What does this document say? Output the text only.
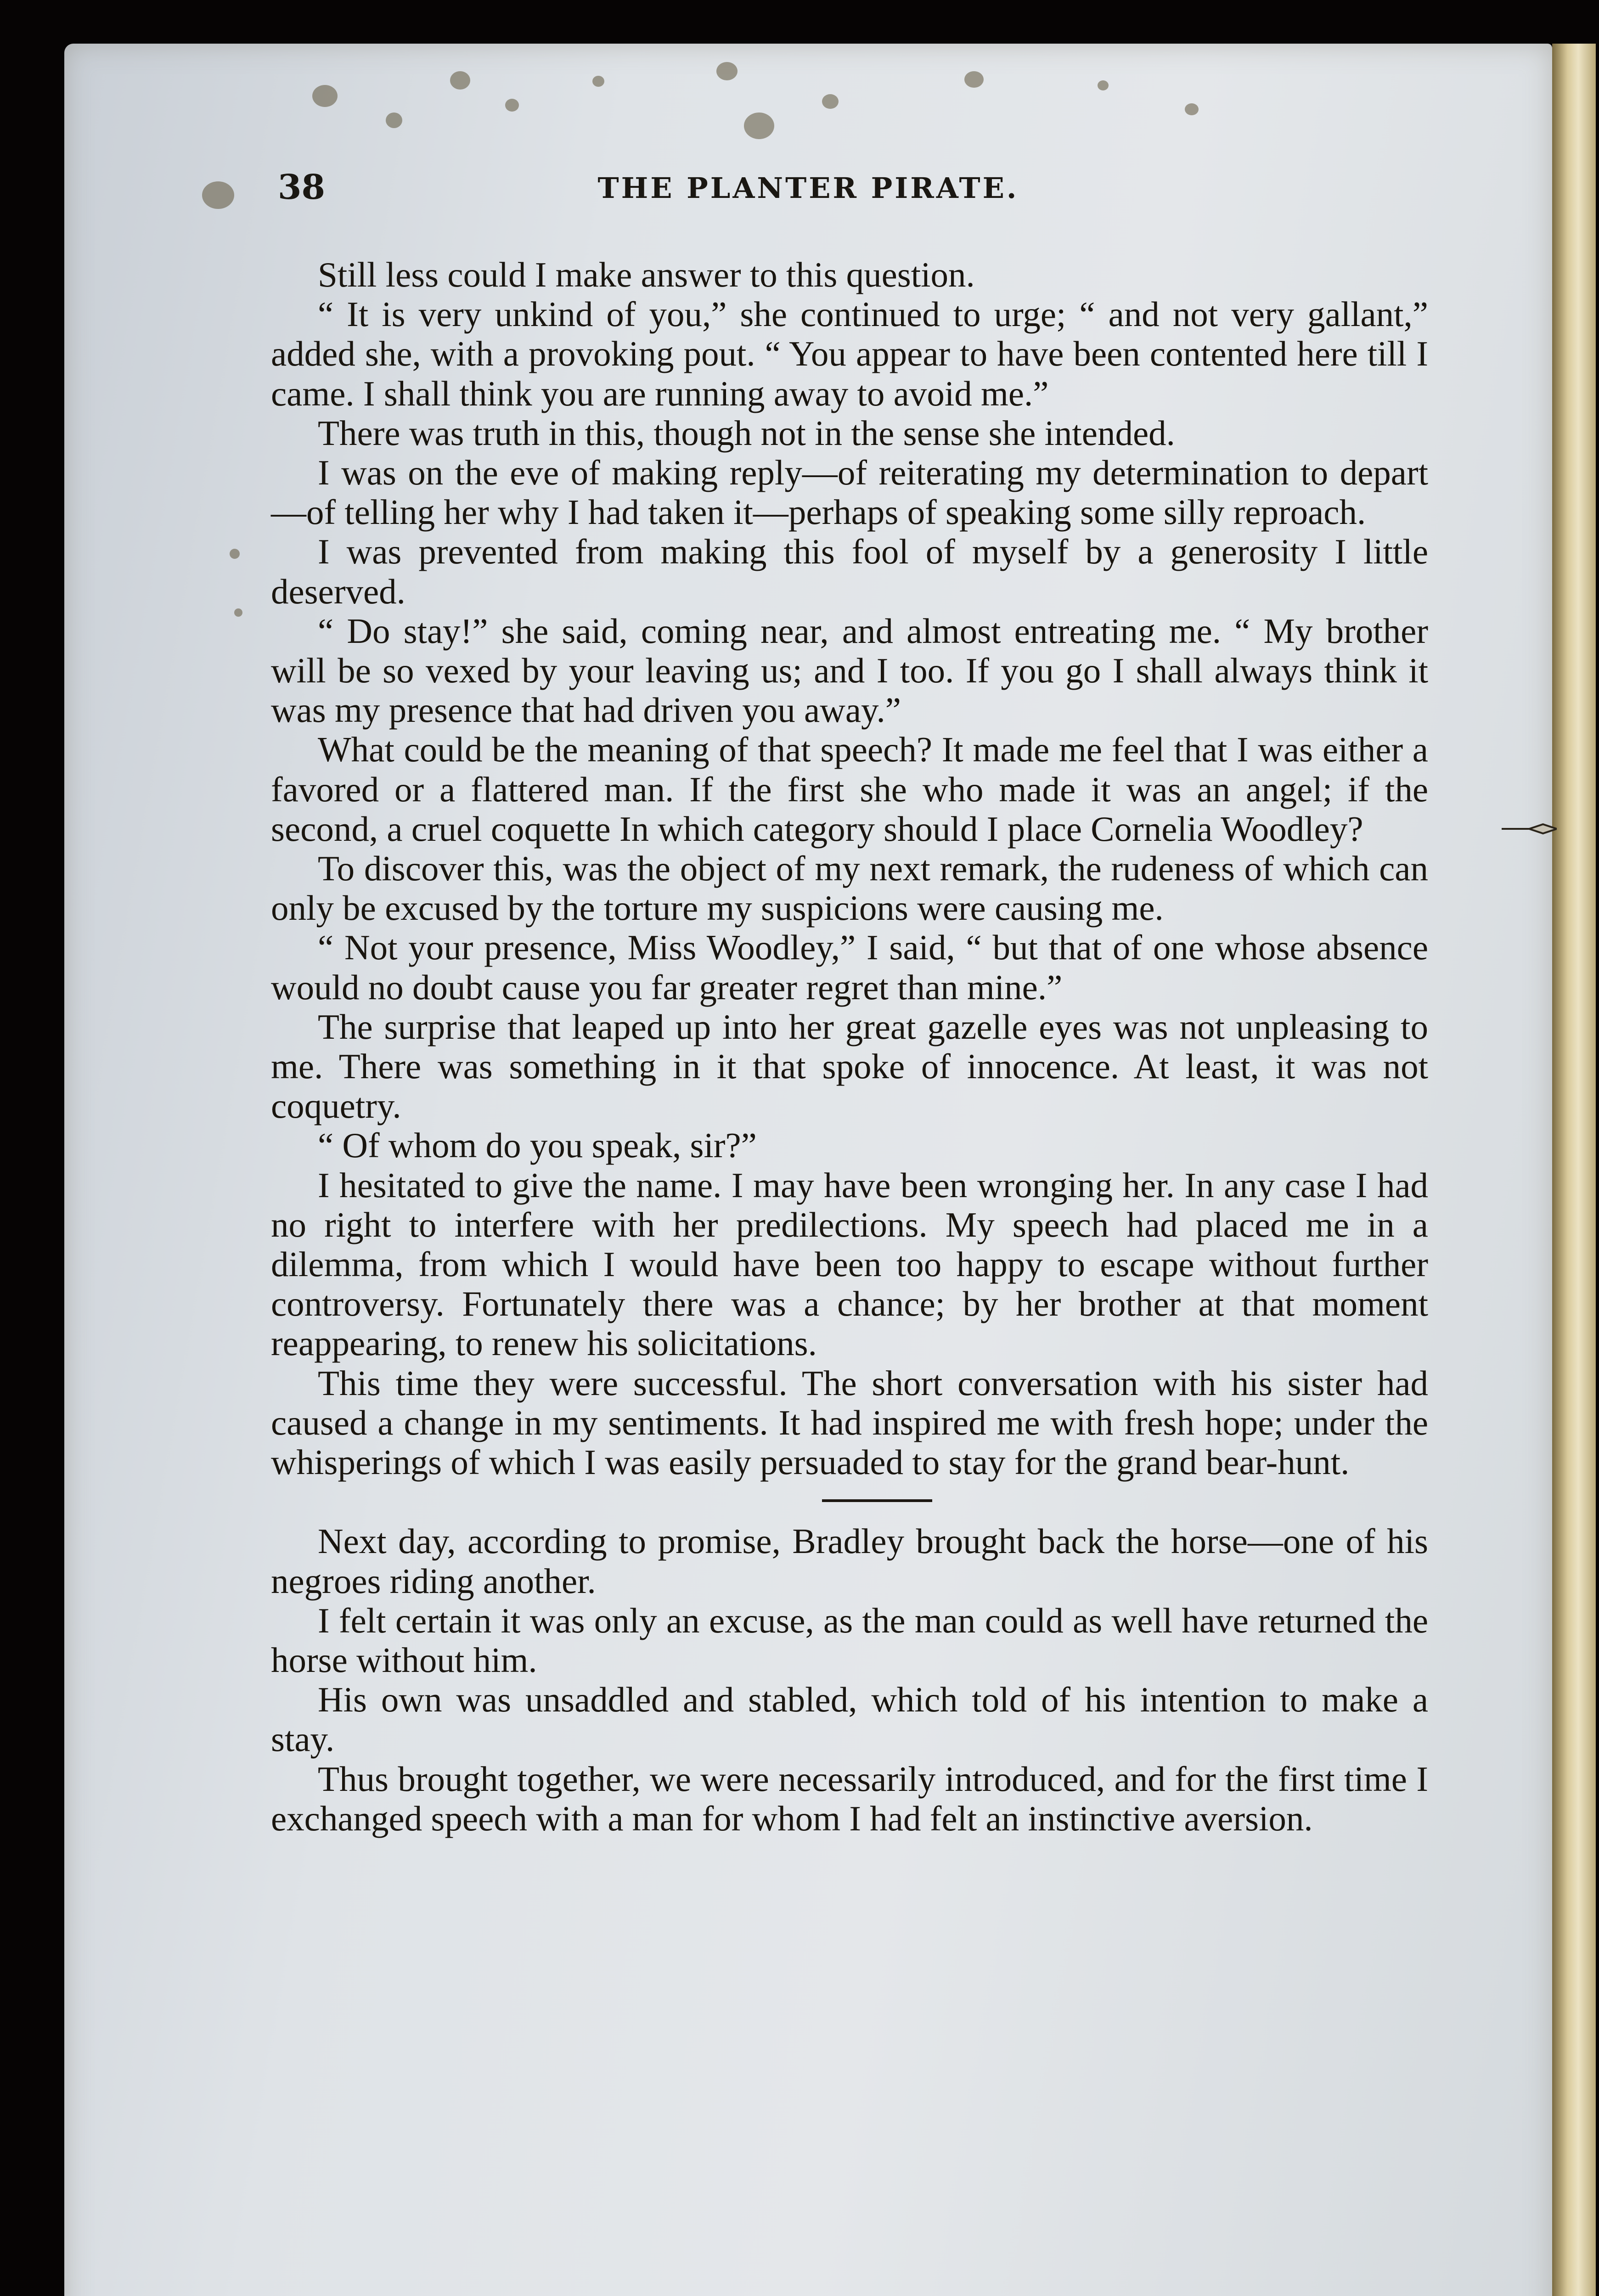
38	THE PLANTER PIRATE.

Still less could I make answer to this question.

“ It is very unkind of you,” she continued to urge; “ and not very gallant,” added she, with a provoking pout. “ You appear to have been contented here till I came. I shall think you are running away to avoid me.”

There was truth in this, though not in the sense she intended.

I was on the eve of making reply—of reiterating my determination to depart—of telling her why I had taken it—perhaps of speaking some silly reproach.

I was prevented from making this fool of myself by a generosity I little deserved.

“ Do stay!” she said, coming near, and almost entreating me. “ My brother will be so vexed by your leaving us; and I too. If you go I shall always think it was my presence that had driven you away.”

What could be the meaning of that speech? It made me feel that I was either a favored or a flattered man. If the first she who made it was an angel; if the second, a cruel coquette In which category should I place Cornelia Woodley?

To discover this, was the object of my next remark, the rudeness of which can only be excused by the torture my suspicions were causing me.

“ Not your presence, Miss Woodley,” I said, “ but that of one whose absence would no doubt cause you far greater regret than mine.”

The surprise that leaped up into her great gazelle eyes was not unpleasing to me. There was something in it that spoke of innocence. At least, it was not coquetry.

“ Of whom do you speak, sir?”

I hesitated to give the name. I may have been wronging her. In any case I had no right to interfere with her predilections. My speech had placed me in a dilemma, from which I would have been too happy to escape without further controversy. Fortunately there was a chance; by her brother at that moment reappearing, to renew his solicitations.

This time they were successful. The short conversation with his sister had caused a change in my sentiments. It had inspired me with fresh hope; under the whisperings of which I was easily persuaded to stay for the grand bear-hunt.

Next day, according to promise, Bradley brought back the horse—one of his negroes riding another.

I felt certain it was only an excuse, as the man could as well have returned the horse without him.

His own was unsaddled and stabled, which told of his intention to make a stay.

Thus brought together, we were necessarily introduced, and for the first time I exchanged speech with a man for whom I had felt an instinctive aversion.
